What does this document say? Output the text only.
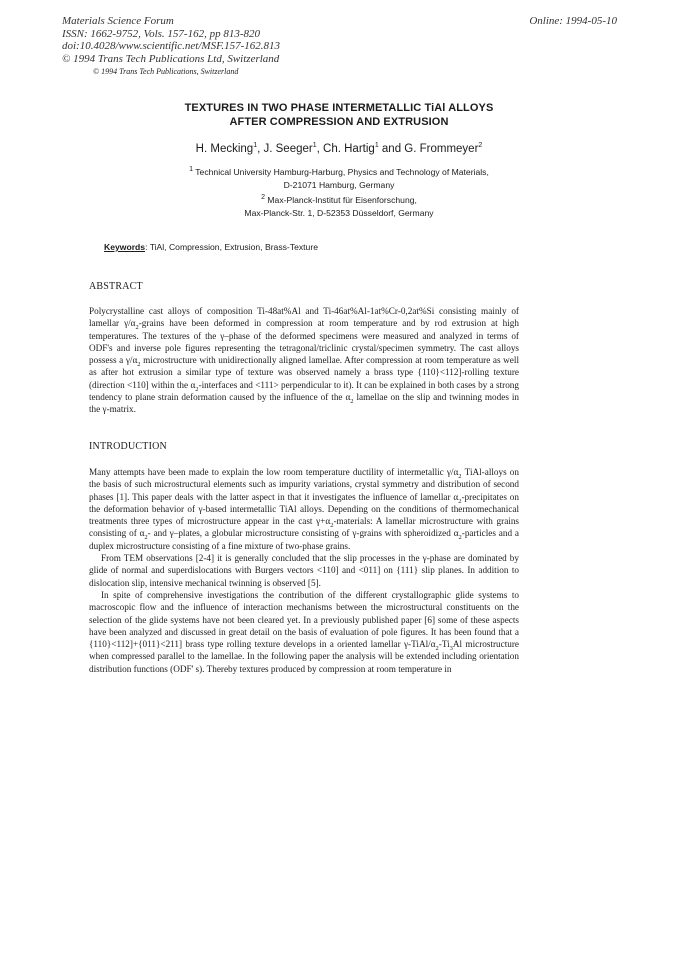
Materials Science Forum
ISSN: 1662-9752, Vols. 157-162, pp 813-820
doi:10.4028/www.scientific.net/MSF.157-162.813
© 1994 Trans Tech Publications Ltd, Switzerland
Online: 1994-05-10
© 1994 Trans Tech Publications, Switzerland
TEXTURES IN TWO PHASE INTERMETALLIC TiAl ALLOYS
AFTER COMPRESSION AND EXTRUSION
H. Mecking$^1$, J. Seeger$^1$, Ch. Hartig$^1$ and G. Frommeyer$^2$
$^1$ Technical University Hamburg-Harburg, Physics and Technology of Materials,
D-21071 Hamburg, Germany
$^2$ Max-Planck-Institut für Eisenforschung,
Max-Planck-Str. 1, D-52353 Düsseldorf, Germany
Keywords: TiAl, Compression, Extrusion, Brass-Texture
ABSTRACT

Polycrystalline cast alloys of composition Ti-48at%Al and Ti-46at%Al-1at%Cr-0,2at%Si consisting mainly of lamellar $\gamma/\alpha_2$-grains have been deformed in compression at room temperature and by rod extrusion at high temperatures. The textures of the γ–phase of the deformed specimens were measured and analyzed in terms of ODF's and inverse pole figures representing the tetragonal/triclinic crystal/specimen symmetry. The cast alloys possess a $\gamma/\alpha_2$ microstructure with unidirectionally aligned lamellae. After compression at room temperature as well as after hot extrusion a similar type of texture was observed namely a brass type {110}<112]-rolling texture (direction <110] within the $\alpha_2$-interfaces and <111> perpendicular to it). It can be explained in both cases by a strong tendency to plane strain deformation caused by the influence of the $\alpha_2$ lamellae on the slip and twinning modes in the γ-matrix.

INTRODUCTION

Many attempts have been made to explain the low room temperature ductility of intermetallic $\gamma/\alpha_2$ TiAl-alloys on the basis of such microstructural elements such as impurity variations, crystal symmetry and distribution of second phases [1]. This paper deals with the latter aspect in that it investigates the influence of lamellar $\alpha_2$-precipitates on the deformation behavior of γ-based intermetallic TiAl alloys. Depending on the conditions of thermomechanical treatments three types of microstructure appear in the cast $\gamma+\alpha_2$-materials: A lamellar microstructure with grains consisting of $\alpha_2-$ and γ–plates, a globular microstructure consisting of γ-grains with spheroidized $\alpha_2$-particles and a duplex microstructure consisting of a fine mixture of two-phase grains.

From TEM observations [2-4] it is generally concluded that the slip processes in the γ-phase are dominated by glide of normal and superdislocations with Burgers vectors <110] and <011] on {111} slip planes. In addition to dislocation slip, intensive mechanical twinning is observed [5].

In spite of comprehensive investigations the contribution of the different crystallographic glide systems to macroscopic flow and the influence of interaction mechanisms between the microstructural constituents on the selection of the glide systems have not been cleared yet. In a previously published paper [6] some of these aspects have been analyzed and discussed in great detail on the basis of evaluation of pole figures. It has been found that a {110}<112]+{011}<211] brass type rolling texture develops in a oriented lamellar $\gamma-TiAl/\alpha_2-Ti_3Al$ microstructure when compressed parallel to the lamellae. In the following paper the analysis will be extended including orientation distribution functions (ODF' s). Thereby textures produced by compression at room temperature in
